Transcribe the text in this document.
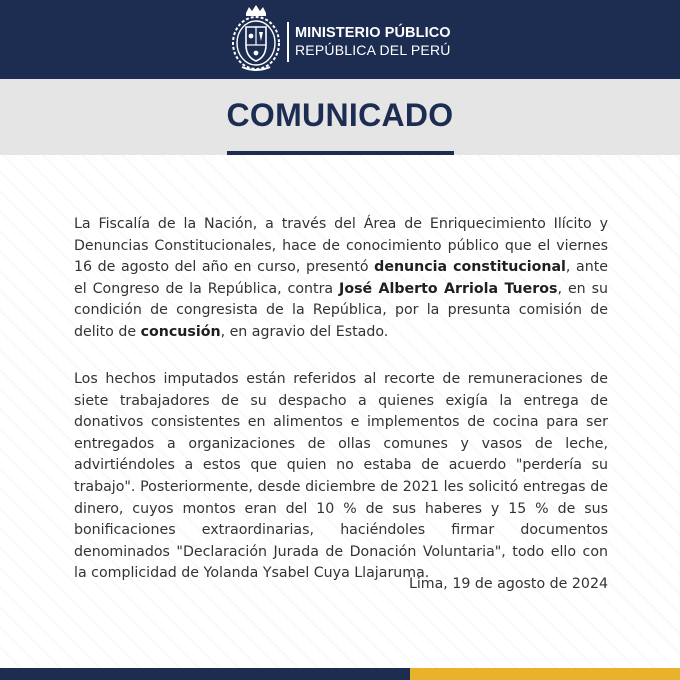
MINISTERIO PÚBLICO
REPÚBLICA DEL PERÚ
COMUNICADO

La Fiscalía de la Nación, a través del Área de Enriquecimiento Ilícito y Denuncias Constitucionales, hace de conocimiento público que el viernes 16 de agosto del año en curso, presentó denuncia constitucional, ante el Congreso de la República, contra José Alberto Arriola Tueros, en su condición de congresista de la República, por la presunta comisión de delito de concusión, en agravio del Estado.

Los hechos imputados están referidos al recorte de remuneraciones de siete trabajadores de su despacho a quienes exigía la entrega de donativos consistentes en alimentos e implementos de cocina para ser entregados a organizaciones de ollas comunes y vasos de leche, advirtiéndoles a estos que quien no estaba de acuerdo "perdería su trabajo". Posteriormente, desde diciembre de 2021 les solicitó entregas de dinero, cuyos montos eran del 10 % de sus haberes y 15 % de sus bonificaciones extraordinarias, haciéndoles firmar documentos denominados "Declaración Jurada de Donación Voluntaria", todo ello con la complicidad de Yolanda Ysabel Cuya Llajaruma.

Lima, 19 de agosto de 2024
